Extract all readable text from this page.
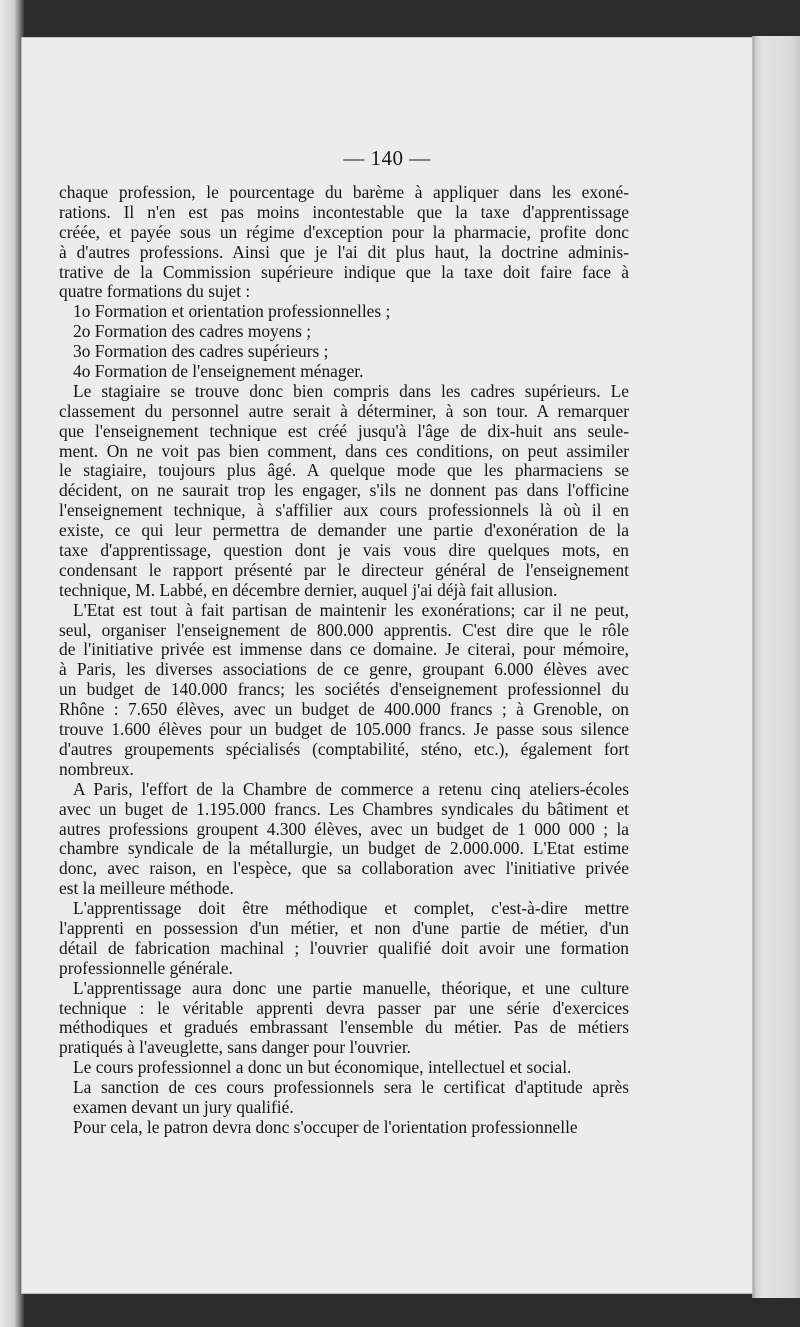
— 140 —
chaque profession, le pourcentage du barème à appliquer dans les exoné-
rations. Il n'en est pas moins incontestable que la taxe d'apprentissage
créée, et payée sous un régime d'exception pour la pharmacie, profite donc
à d'autres professions. Ainsi que je l'ai dit plus haut, la doctrine adminis-
trative de la Commission supérieure indique que la taxe doit faire face à
quatre formations du sujet :
1o Formation et orientation professionnelles ;
2o Formation des cadres moyens ;
3o Formation des cadres supérieurs ;
4o Formation de l'enseignement ménager.
Le stagiaire se trouve donc bien compris dans les cadres supérieurs. Le
classement du personnel autre serait à déterminer, à son tour. A remarquer
que l'enseignement technique est créé jusqu'à l'âge de dix-huit ans seule-
ment. On ne voit pas bien comment, dans ces conditions, on peut assimiler
le stagiaire, toujours plus âgé. A quelque mode que les pharmaciens se
décident, on ne saurait trop les engager, s'ils ne donnent pas dans l'officine
l'enseignement technique, à s'affilier aux cours professionnels là où il en
existe, ce qui leur permettra de demander une partie d'exonération de la
taxe d'apprentissage, question dont je vais vous dire quelques mots, en
condensant le rapport présenté par le directeur général de l'enseignement
technique, M. Labbé, en décembre dernier, auquel j'ai déjà fait allusion.
L'Etat est tout à fait partisan de maintenir les exonérations; car il ne peut,
seul, organiser l'enseignement de 800.000 apprentis. C'est dire que le rôle
de l'initiative privée est immense dans ce domaine. Je citerai, pour mémoire,
à Paris, les diverses associations de ce genre, groupant 6.000 élèves avec
un budget de 140.000 francs; les sociétés d'enseignement professionnel du
Rhône : 7.650 élèves, avec un budget de 400.000 francs ; à Grenoble, on
trouve 1.600 élèves pour un budget de 105.000 francs. Je passe sous silence
d'autres groupements spécialisés (comptabilité, sténo, etc.), également fort
nombreux.
A Paris, l'effort de la Chambre de commerce a retenu cinq ateliers-écoles
avec un buget de 1.195.000 francs. Les Chambres syndicales du bâtiment et
autres professions groupent 4.300 élèves, avec un budget de 1 000 000 ; la
chambre syndicale de la métallurgie, un budget de 2.000.000. L'Etat estime
donc, avec raison, en l'espèce, que sa collaboration avec l'initiative privée
est la meilleure méthode.
L'apprentissage doit être méthodique et complet, c'est-à-dire mettre
l'apprenti en possession d'un métier, et non d'une partie de métier, d'un
détail de fabrication machinal ; l'ouvrier qualifié doit avoir une formation
professionnelle générale.
L'apprentissage aura donc une partie manuelle, théorique, et une culture
technique : le véritable apprenti devra passer par une série d'exercices
méthodiques et gradués embrassant l'ensemble du métier. Pas de métiers
pratiqués à l'aveuglette, sans danger pour l'ouvrier.
Le cours professionnel a donc un but économique, intellectuel et social.
La sanction de ces cours professionnels sera le certificat d'aptitude après
examen devant un jury qualifié.
Pour cela, le patron devra donc s'occuper de l'orientation professionnelle
